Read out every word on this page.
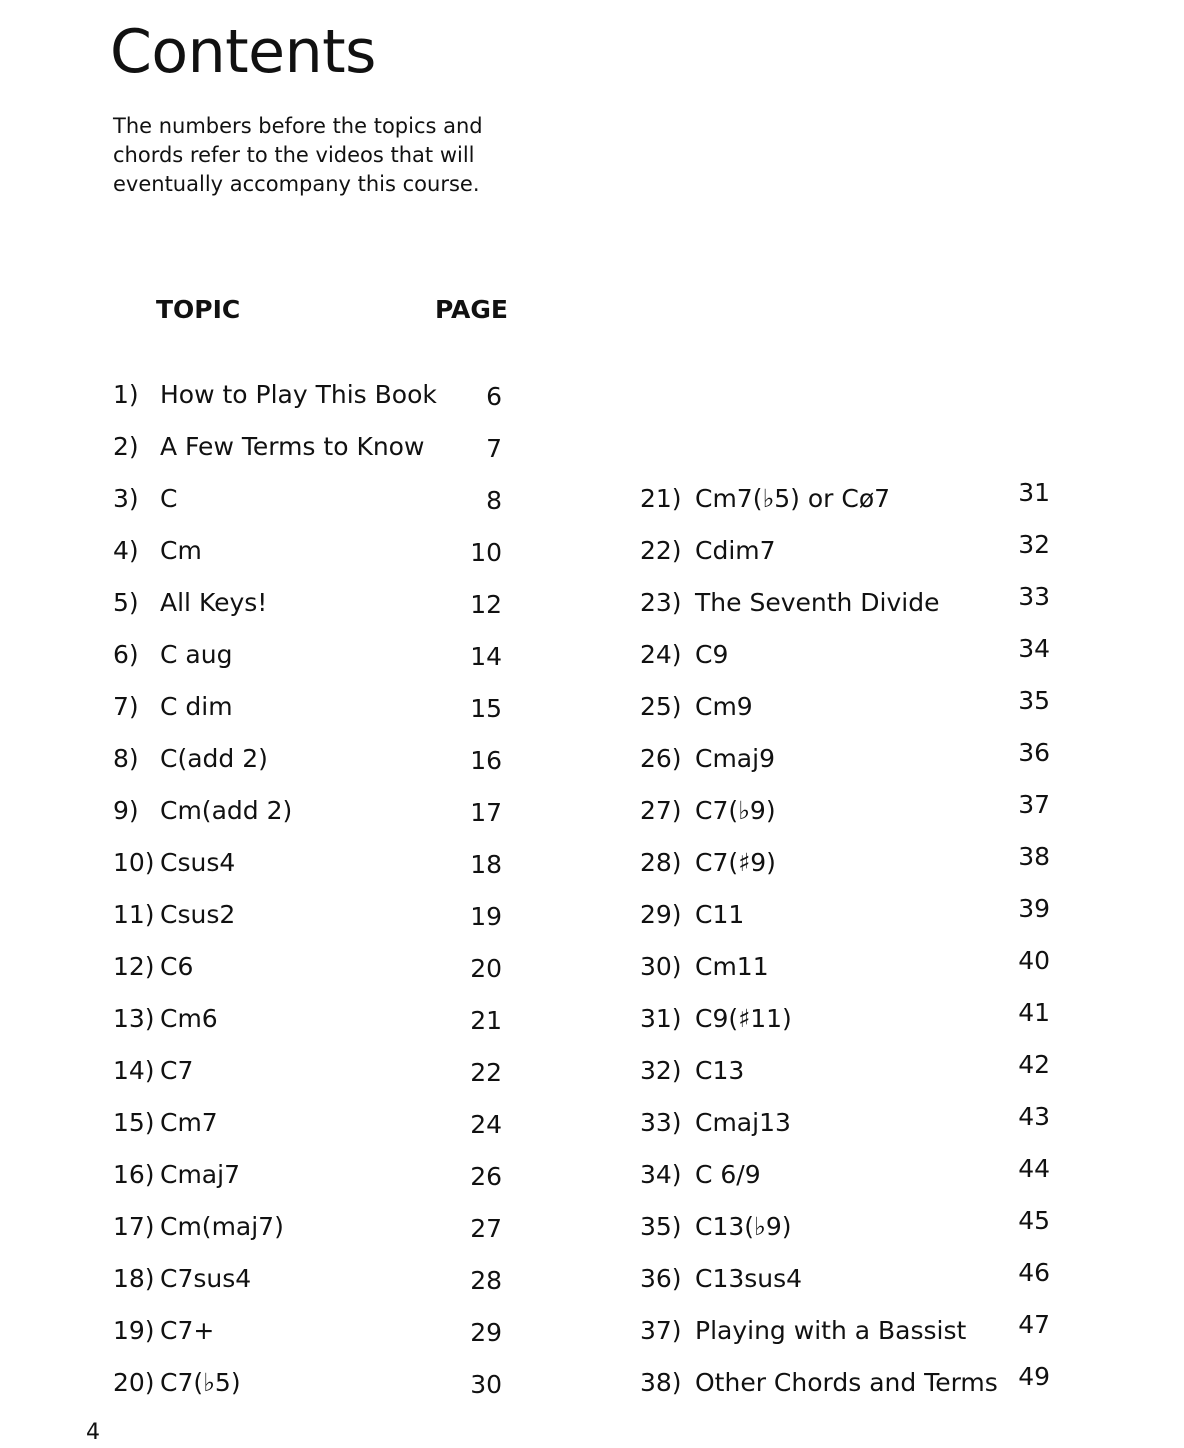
Contents

The numbers before the topics and
chords refer to the videos that will
eventually accompany this course.

TOPIC	PAGE
1) How to Play This Book 6
2) A Few Terms to Know 7
3) C	8
4) Cm	10
5) All Keys!	12
6) C aug	14
7) C dim	15
8) C(add 2)	16
9) Cm(add 2)	17
10) Csus4	18
11) Csus2	19
12) C6	20
13) Cm6	21
14) C7	22
15) Cm7	24
16) Cmaj7	26
17) Cm(maj7)	27
18) C7sus4	28
19) C7+	29
20) C7(♭5)	30
21) Cm7(♭5) or Cø7	31
22) Cdim7	32
23) The Seventh Divide	33
24) C9	34
25) Cm9	35
26) Cmaj9	36
27) C7(♭9)	37
28) C7(♯9)	38
29) C11	39
30) Cm11	40
31) C9(♯11)	41
32) C13	42
33) Cmaj13	43
34) C 6/9	44
35) C13(♭9)	45
36) C13sus4	46
37) Playing with a Bassist 47
38) Other Chords and Terms 49
4
